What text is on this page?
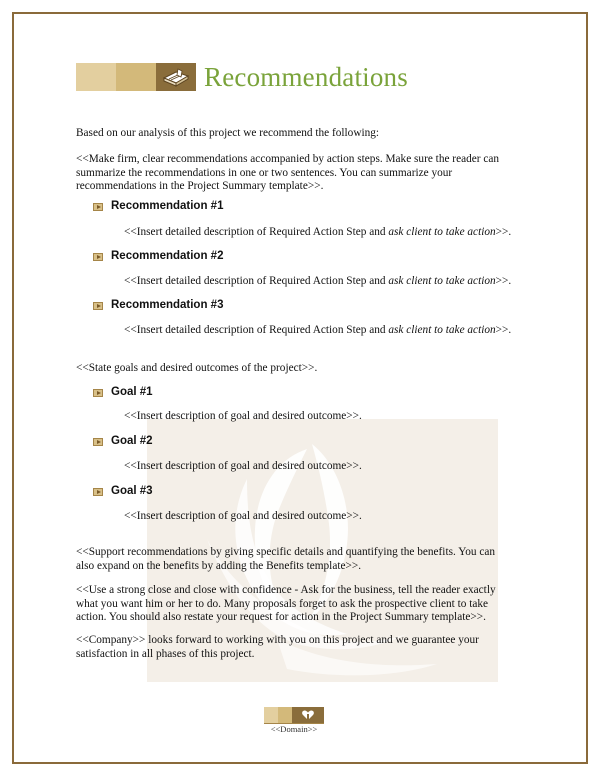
Recommendations
Based on our analysis of this project we recommend the following:
<<Make firm, clear recommendations accompanied by action steps. Make sure the reader can summarize the recommendations in one or two sentences. You can summarize your recommendations in the Project Summary template>>.
Recommendation #1
<<Insert detailed description of Required Action Step and ask client to take action>>.
Recommendation #2
<<Insert detailed description of Required Action Step and ask client to take action>>.
Recommendation #3
<<Insert detailed description of Required Action Step and ask client to take action>>.
<<State goals and desired outcomes of the project>>.
Goal #1
<<Insert description of goal and desired outcome>>.
Goal #2
<<Insert description of goal and desired outcome>>.
Goal #3
<<Insert description of goal and desired outcome>>.
<<Support recommendations by giving specific details and quantifying the benefits. You can also expand on the benefits by adding the Benefits template>>.
<<Use a strong close and close with confidence - Ask for the business, tell the reader exactly what you want him or her to do. Many proposals forget to ask the prospective client to take action. You should also restate your request for action in the Project Summary template>>.
<<Company>> looks forward to working with you on this project and we guarantee your satisfaction in all phases of this project.
<<Domain>>
